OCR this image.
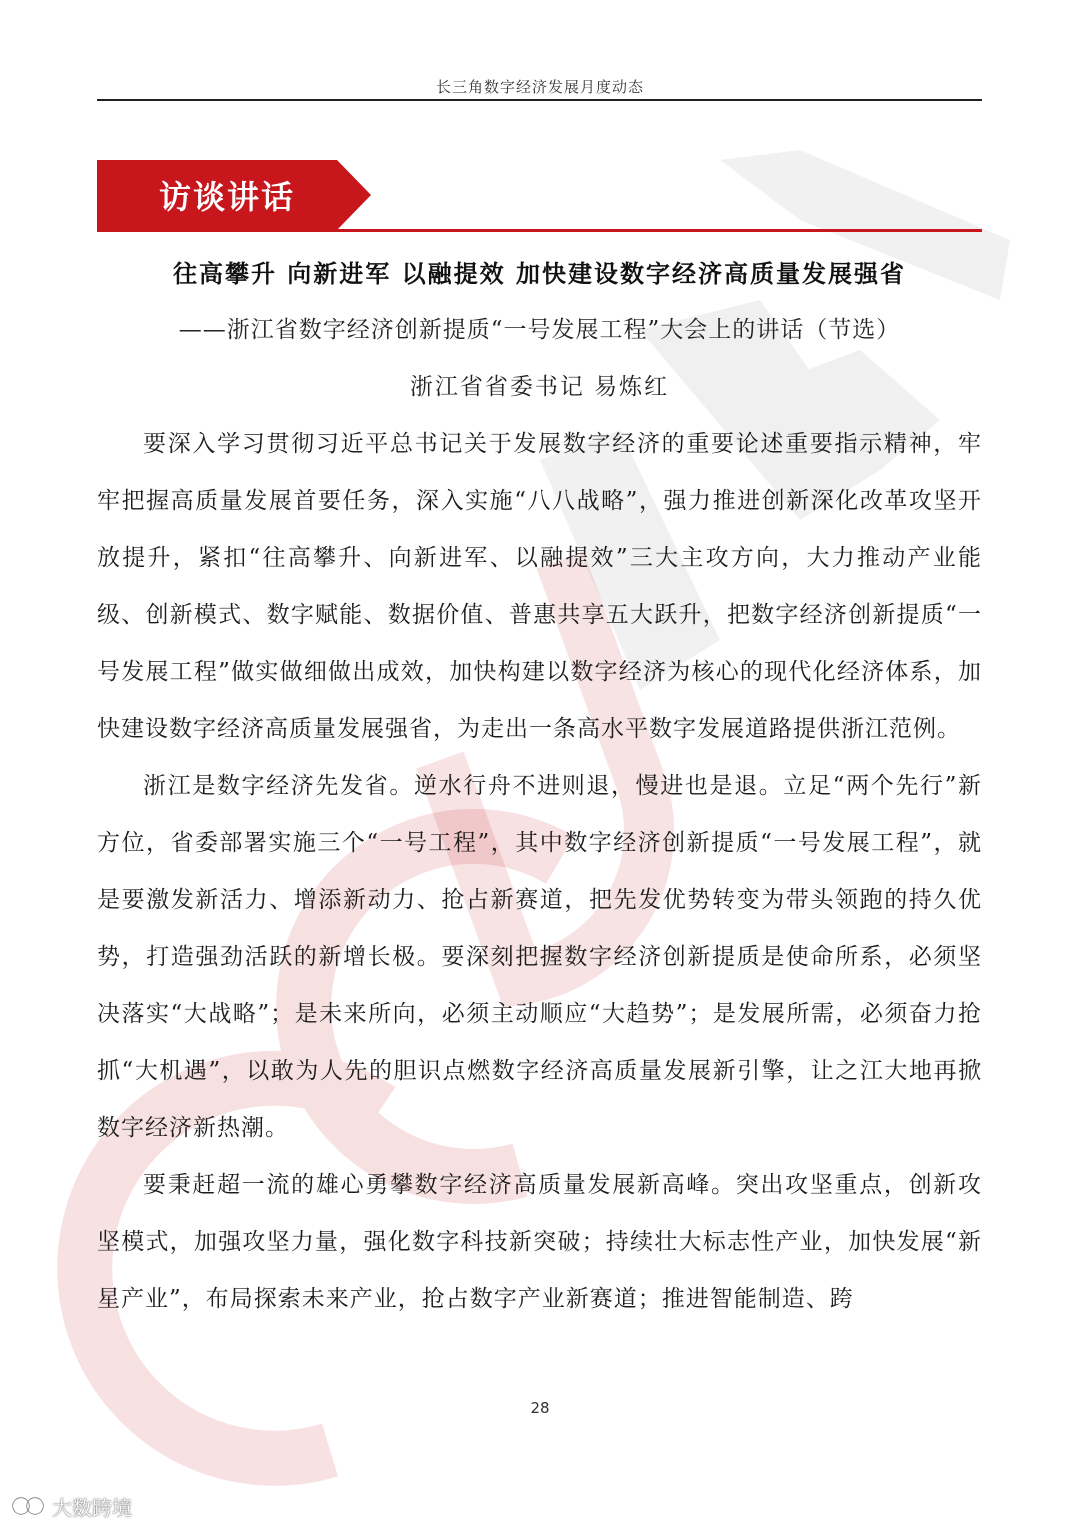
长三角数字经济发展月度动态
访谈讲话
往高攀升 向新进军 以融提效 加快建设数字经济高质量发展强省
——浙江省数字经济创新提质“一号发展工程”大会上的讲话（节选）
浙江省省委书记 易炼红

要深入学习贯彻习近平总书记关于发展数字经济的重要论述重要指示精神，牢牢把握高质量发展首要任务，深入实施“八八战略”，强力推进创新深化改革攻坚开放提升，紧扣“往高攀升、向新进军、以融提效”三大主攻方向，大力推动产业能级、创新模式、数字赋能、数据价值、普惠共享五大跃升，把数字经济创新提质“一号发展工程”做实做细做出成效，加快构建以数字经济为核心的现代化经济体系，加快建设数字经济高质量发展强省，为走出一条高水平数字发展道路提供浙江范例。

浙江是数字经济先发省。逆水行舟不进则退，慢进也是退。立足“两个先行”新方位，省委部署实施三个“一号工程”，其中数字经济创新提质“一号发展工程”，就是要激发新活力、增添新动力、抢占新赛道，把先发优势转变为带头领跑的持久优势，打造强劲活跃的新增长极。要深刻把握数字经济创新提质是使命所系，必须坚决落实“大战略”；是未来所向，必须主动顺应“大趋势”；是发展所需，必须奋力抢抓“大机遇”，以敢为人先的胆识点燃数字经济高质量发展新引擎，让之江大地再掀数字经济新热潮。

要秉赶超一流的雄心勇攀数字经济高质量发展新高峰。突出攻坚重点，创新攻坚模式，加强攻坚力量，强化数字科技新突破；持续壮大标志性产业，加快发展“新星产业”，布局探索未来产业，抢占数字产业新赛道；推进智能制造、跨

28
大数跨境
